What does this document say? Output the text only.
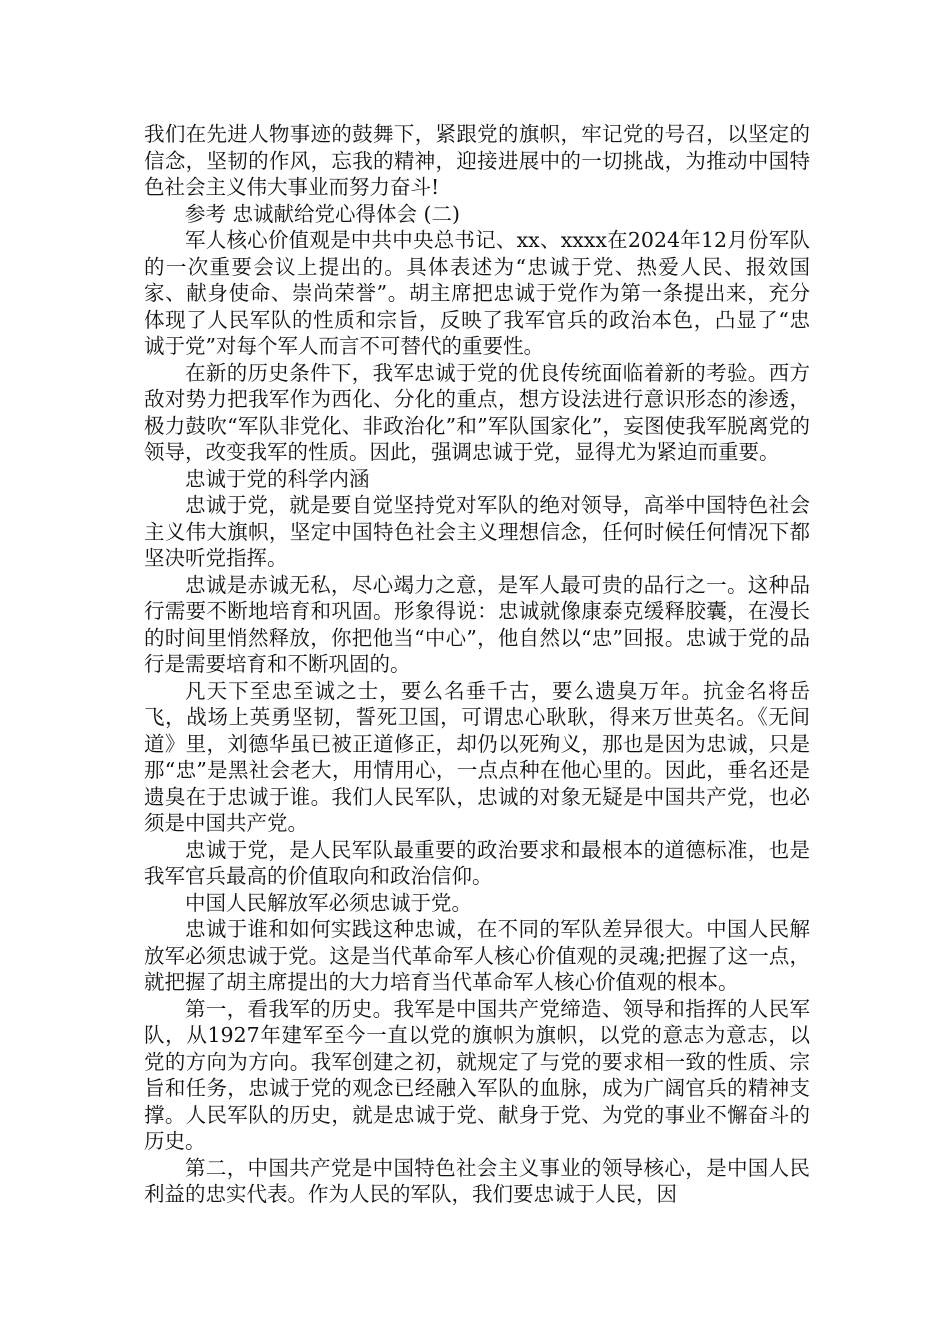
我们在先进人物事迹的鼓舞下，紧跟党的旗帜，牢记党的号召，以坚定的信念，坚韧的作风，忘我的精神，迎接进展中的一切挑战，为推动中国特色社会主义伟大事业而努力奋斗!

参考 忠诚献给党心得体会 (二)

军人核心价值观是中共中央总书记、xx、xxxx在2024年12月份军队的一次重要会议上提出的。具体表述为“忠诚于党、热爱人民、报效国家、献身使命、崇尚荣誉”。胡主席把忠诚于党作为第一条提出来，充分体现了人民军队的性质和宗旨，反映了我军官兵的政治本色，凸显了“忠诚于党”对每个军人而言不可替代的重要性。

在新的历史条件下，我军忠诚于党的优良传统面临着新的考验。西方敌对势力把我军作为西化、分化的重点，想方设法进行意识形态的渗透，极力鼓吹“军队非党化、非政治化”和”军队国家化”，妄图使我军脱离党的领导，改变我军的性质。因此，强调忠诚于党，显得尤为紧迫而重要。

忠诚于党的科学内涵

忠诚于党，就是要自觉坚持党对军队的绝对领导，高举中国特色社会主义伟大旗帜，坚定中国特色社会主义理想信念，任何时候任何情况下都坚决听党指挥。

忠诚是赤诚无私，尽心竭力之意，是军人最可贵的品行之一。这种品行需要不断地培育和巩固。形象得说：忠诚就像康泰克缓释胶囊，在漫长的时间里悄然释放，你把他当“中心”，他自然以“忠”回报。忠诚于党的品行是需要培育和不断巩固的。

凡天下至忠至诚之士，要么名垂千古，要么遗臭万年。抗金名将岳飞，战场上英勇坚韧，誓死卫国，可谓忠心耿耿，得来万世英名。《无间道》里，刘德华虽已被正道修正，却仍以死殉义，那也是因为忠诚，只是那“忠”是黑社会老大，用情用心，一点点种在他心里的。因此，垂名还是遗臭在于忠诚于谁。我们人民军队，忠诚的对象无疑是中国共产党，也必须是中国共产党。

忠诚于党，是人民军队最重要的政治要求和最根本的道德标准，也是我军官兵最高的价值取向和政治信仰。

中国人民解放军必须忠诚于党。

忠诚于谁和如何实践这种忠诚，在不同的军队差异很大。中国人民解放军必须忠诚于党。这是当代革命军人核心价值观的灵魂;把握了这一点，就把握了胡主席提出的大力培育当代革命军人核心价值观的根本。

第一，看我军的历史。我军是中国共产党缔造、领导和指挥的人民军队，从1927年建军至今一直以党的旗帜为旗帜，以党的意志为意志，以党的方向为方向。我军创建之初，就规定了与党的要求相一致的性质、宗旨和任务，忠诚于党的观念已经融入军队的血脉，成为广阔官兵的精神支撑。人民军队的历史，就是忠诚于党、献身于党、为党的事业不懈奋斗的历史。

第二，中国共产党是中国特色社会主义事业的领导核心，是中国人民利益的忠实代表。作为人民的军队，我们要忠诚于人民，因
